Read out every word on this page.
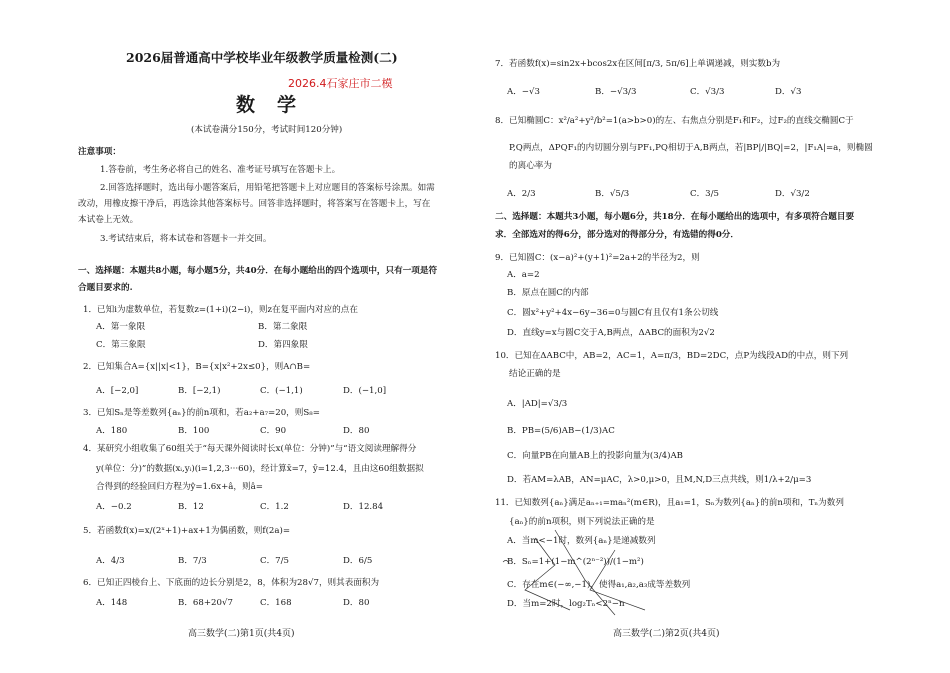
2026届普通高中学校毕业年级教学质量检测(二)
2026.4石家庄市二模
数学
(本试卷满分150分，考试时间120分钟)
注意事项：
1.答卷前，考生务必将自己的姓名、准考证号填写在答题卡上。
2.回答选择题时，选出每小题答案后，用铅笔把答题卡上对应题目的答案标号涂黑。如需
改动，用橡皮擦干净后，再选涂其他答案标号。回答非选择题时，将答案写在答题卡上，写在
本试卷上无效。
3.考试结束后，将本试卷和答题卡一并交回。
一、选择题：本题共8小题，每小题5分，共40分．在每小题给出的四个选项中，只有一项是符
合题目要求的.
1．已知i为虚数单位，若复数z=(1+i)(2−i)，则z在复平面内对应的点在
A．第一象限	B．第二象限
C．第三象限	D．第四象限
2．已知集合A={x||x|<1}，B={x|x²+2x≤0}，则A∩B=
A．[−2,0]	B．[−2,1)	C．(−1,1)	D．(−1,0]
3．已知Sₙ是等差数列{aₙ}的前n项和，若a₂+a₇=20，则S₈=
A．180	B．100	C．90	D．80
4．某研究小组收集了60组关于“每天课外阅读时长x(单位：分钟)”与“语文阅读理解得分
y(单位：分)”的数据(xᵢ,yᵢ)(i=1,2,3···60)，经计算x̄=7，ȳ=12.4，且由这60组数据拟
合得到的经验回归方程为ŷ=1.6x+â，则â=
A．−0.2	B．12	C．1.2	D．12.84
5．若函数f(x)=x/(2ˣ+1)+ax+1为偶函数，则f(2a)=
A．4/3	B．7/3	C．7/5	D．6/5
6．已知正四棱台上、下底面的边长分别是2，8，体积为28√7，则其表面积为
A．148	B．68+20√7	C．168	D．80
高三数学(二)第1页(共4页)
7．若函数f(x)=sin2x+bcos2x在区间[π/3, 5π/6]上单调递减，则实数b为
A．−√3	B．−√3/3	C．√3/3	D．√3
8．已知椭圆C：x²/a²+y²/b²=1(a>b>0)的左、右焦点分别是F₁和F₂，过F₂的直线交椭圆C于
P,Q两点，ΔPQF₁的内切圆分别与PF₁,PQ相切于A,B两点，若|BP|/|BQ|=2，|F₁A|=a，则椭圆
的离心率为
A．2/3	B．√5/3	C．3/5	D．√3/2
二、选择题：本题共3小题，每小题6分，共18分．在每小题给出的选项中，有多项符合题目要
求．全部选对的得6分，部分选对的得部分分，有选错的得0分．
9．已知圆C：(x−a)²+(y+1)²=2a+2的半径为2，则
A．a=2
B．原点在圆C的内部
C．圆x²+y²+4x−6y−36=0与圆C有且仅有1条公切线
D．直线y=x与圆C交于A,B两点，ΔABC的面积为2√2
10．已知在ΔABC中，AB=2，AC=1，A=π/3，BD=2DC，点P为线段AD的中点，则下列
结论正确的是
A．|AD|=√3/3
B．PB=(5/6)AB−(1/3)AC
C．向量PB在向量AB上的投影向量为(3/4)AB
D．若AM=λAB，AN=μAC，λ>0,μ>0，且M,N,D三点共线，则1/λ+2/μ=3
11．已知数列{aₙ}满足aₙ₊₁=maₙ²(m∈R)，且a₁=1，Sₙ为数列{aₙ}的前n项和，Tₙ为数列
{aₙ}的前n项积，则下列说法正确的是
A．当m<−1时，数列{aₙ}是递减数列
B．Sₙ=1+(1−m^(2ⁿ⁻²))/(1−m²)
C．存在m∈(−∞,−1)，使得a₁,a₂,a₃成等差数列
D．当m=2时，log₂Tₙ<2ⁿ−n
高三数学(二)第2页(共4页)
